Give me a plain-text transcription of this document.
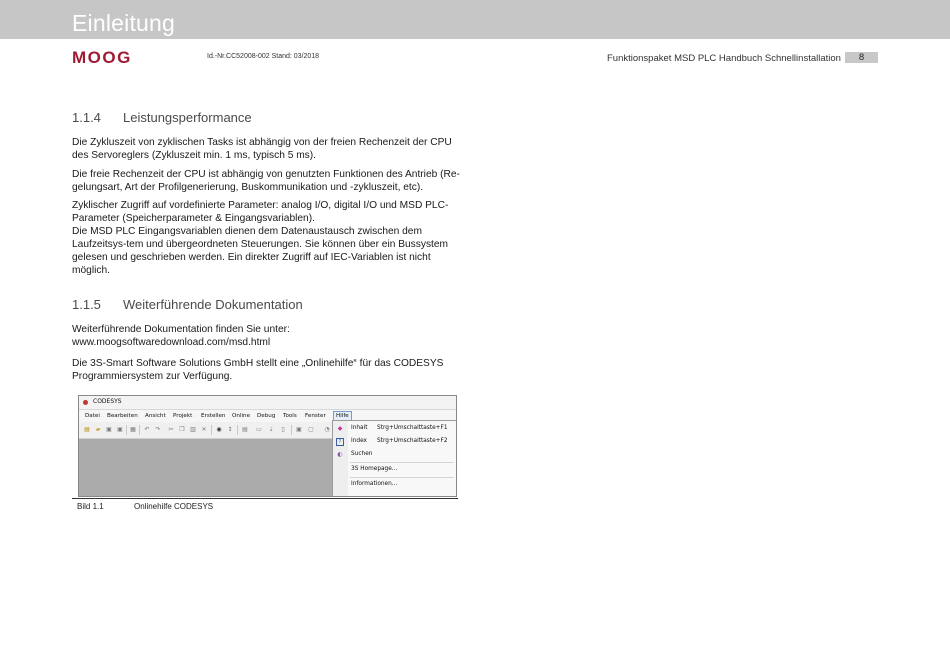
Einleitung
MOOG	Id.-Nr.CC52008-002 Stand: 03/2018	Funktionspaket MSD PLC Handbuch Schnellinstallation	8
1.1.4 Leistungsperformance
Die Zykluszeit von zyklischen Tasks ist abhängig von der freien Rechenzeit der CPU
des Servoreglers (Zykluszeit min. 1 ms, typisch 5 ms).
Die freie Rechenzeit der CPU ist abhängig von genutzten Funktionen des Antrieb (Re-
gelungsart, Art der Profilgenerierung, Buskommunikation und -zykluszeit, etc).
Zyklischer Zugriff auf vordefinierte Parameter: analog I/O, digital I/O und MSD PLC-
Parameter (Speicherparameter & Eingangsvariablen).
Die MSD PLC Eingangsvariablen dienen dem Datenaustausch zwischen dem
Laufzeitsys-tem und übergeordneten Steuerungen. Sie können über ein Bussystem
gelesen und geschrieben werden. Ein direkter Zugriff auf IEC-Variablen ist nicht
möglich.
1.1.5 Weiterführende Dokumentation
Weiterführende Dokumentation finden Sie unter:
www.moogsoftwaredownload.com/msd.html
Die 3S-Smart Software Solutions GmbH stellt eine „Onlinehilfe“ für das CODESYS
Programmiersystem zur Verfügung.
CODESYS
Datei Bearbeiten Ansicht Projekt Erstellen Online Debug Tools Fenster	Hilfe
▤ ▰ ▣ ▣ ▦ ↶ ↷ ✂ ❐ ▥ ✕ ◉ ↕ ▤ ▭ ⇣	▯	▣ ▢ ◔ ◆ Inhalt Strg+Umschalttaste+F1
?	Index Strg+Umschalttaste+F2
◐ Suchen
3S Homepage...
Informationen...
Bild 1.1	Onlinehilfe CODESYS
